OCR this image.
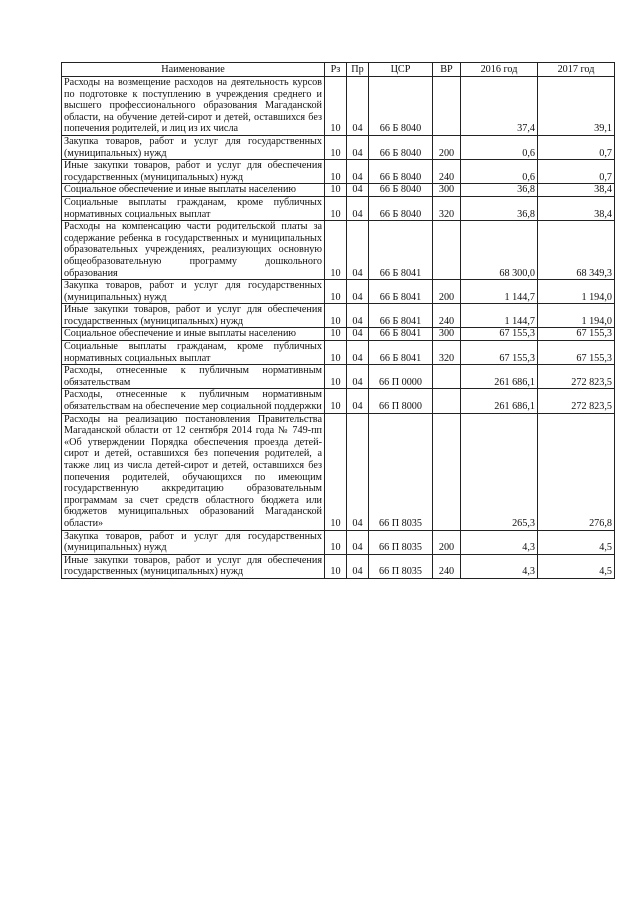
Наименование	Рз	Пр	ЦСР	ВР	2016 год	2017 год
Расходы на возмещение расходов на деятельность курсов по подготовке к поступлению в учреждения среднего и высшего профессионального образования Магаданской области, на обучение детей-сирот и детей, оставшихся без попечения родителей, и лиц из их числа	10	04	66 Б 8040		37,4	39,1
Закупка товаров, работ и услуг для государственных (муниципальных) нужд	10	04	66 Б 8040	200	0,6	0,7
Иные закупки товаров, работ и услуг для обеспечения государственных (муниципальных) нужд	10	04	66 Б 8040	240	0,6	0,7
Социальное обеспечение и иные выплаты населению	10	04	66 Б 8040	300	36,8	38,4
Социальные выплаты гражданам, кроме публичных нормативных социальных выплат	10	04	66 Б 8040	320	36,8	38,4
Расходы на компенсацию части родительской платы за содержание ребенка в государственных и муниципальных образовательных учреждениях, реализующих основную общеобразовательную программу дошкольного образования	10	04	66 Б 8041		68 300,0	68 349,3
Закупка товаров, работ и услуг для государственных (муниципальных) нужд	10	04	66 Б 8041	200	1 144,7	1 194,0
Иные закупки товаров, работ и услуг для обеспечения государственных (муниципальных) нужд	10	04	66 Б 8041	240	1 144,7	1 194,0
Социальное обеспечение и иные выплаты населению	10	04	66 Б 8041	300	67 155,3	67 155,3
Социальные выплаты гражданам, кроме публичных нормативных социальных выплат	10	04	66 Б 8041	320	67 155,3	67 155,3
Расходы, отнесенные к публичным нормативным обязательствам	10	04	66 П 0000		261 686,1	272 823,5
Расходы, отнесенные к публичным нормативным обязательствам на обеспечение мер социальной поддержки	10	04	66 П 8000		261 686,1	272 823,5
Расходы на реализацию постановления Правительства Магаданской области от 12 сентября 2014 года № 749-пп «Об утверждении Порядка обеспечения проезда детей-сирот и детей, оставшихся без попечения родителей, а также лиц из числа детей-сирот и детей, оставшихся без попечения родителей, обучающихся по имеющим государственную аккредитацию образовательным программам за счет средств областного бюджета или бюджетов муниципальных образований Магаданской области»	10	04	66 П 8035		265,3	276,8
Закупка товаров, работ и услуг для государственных (муниципальных) нужд	10	04	66 П 8035	200	4,3	4,5
Иные закупки товаров, работ и услуг для обеспечения государственных (муниципальных) нужд	10	04	66 П 8035	240	4,3	4,5
